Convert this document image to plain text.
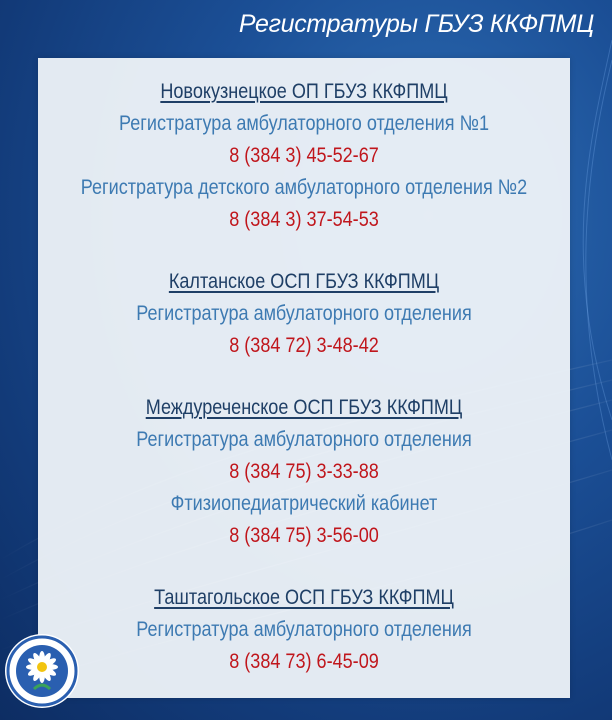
Регистратуры ГБУЗ ККФПМЦ
Новокузнецкое ОП ГБУЗ ККФПМЦ
Регистратура амбулаторного отделения №1
8 (384 3) 45-52-67
Регистратура детского амбулаторного отделения №2
8 (384 3) 37-54-53
Калтанское ОСП ГБУЗ ККФПМЦ
Регистратура амбулаторного отделения
8 (384 72) 3-48-42
Междуреченское ОСП ГБУЗ ККФПМЦ
Регистратура амбулаторного отделения
8 (384 75) 3-33-88
Фтизиопедиатрический кабинет
8 (384 75) 3-56-00
Таштагольское ОСП ГБУЗ ККФПМЦ
Регистратура амбулаторного отделения
8 (384 73) 6-45-09
